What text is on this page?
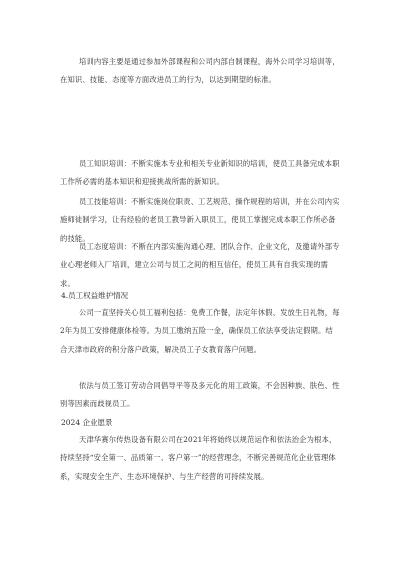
培训内容主要是通过参加外部课程和公司内部自制课程，海外公司学习培训等，在知识、技能、态度等方面改进员工的行为，以达到期望的标准。

员工知识培训：不断实施本专业和相关专业新知识的培训，使员工具备完成本职工作所必需的基本知识和迎接挑战所需的新知识。

员工技能培训：不断实施岗位职责、工艺规范、操作规程的培训，并在公司内实施师徒制学习，让有经验的老员工教导新入职员工，使员工掌握完成本职工作所必备的技能。

员工态度培训：不断在内部实施沟通心理、团队合作、企业文化，及邀请外部专业心理老师入厂培训，建立公司与员工之间的相互信任，使员工具有自我实现的需求。

4.员工权益维护情况

公司一直坚持关心员工福利包括：免费工作餐，法定年休假、发放生日礼物，每2年为员工安排健康体检等。为员工缴纳五险一金，确保员工依法享受法定假期。结合天津市政府的积分落户政策，解决员工子女教育落户问题。

依法与员工签订劳动合同倡导平等及多元化的用工政策，不会因种族、肤色、性别等因素而歧视员工。

2024 企业愿景

天津华赛尔传热设备有限公司在2021年将始终以规范运作和依法治企为根本，持续坚持“安全第一、品质第一、客户第一”的经营理念，不断完善规范化企业管理体系，实现安全生产、生态环境保护、与生产经营的可持续发展。
